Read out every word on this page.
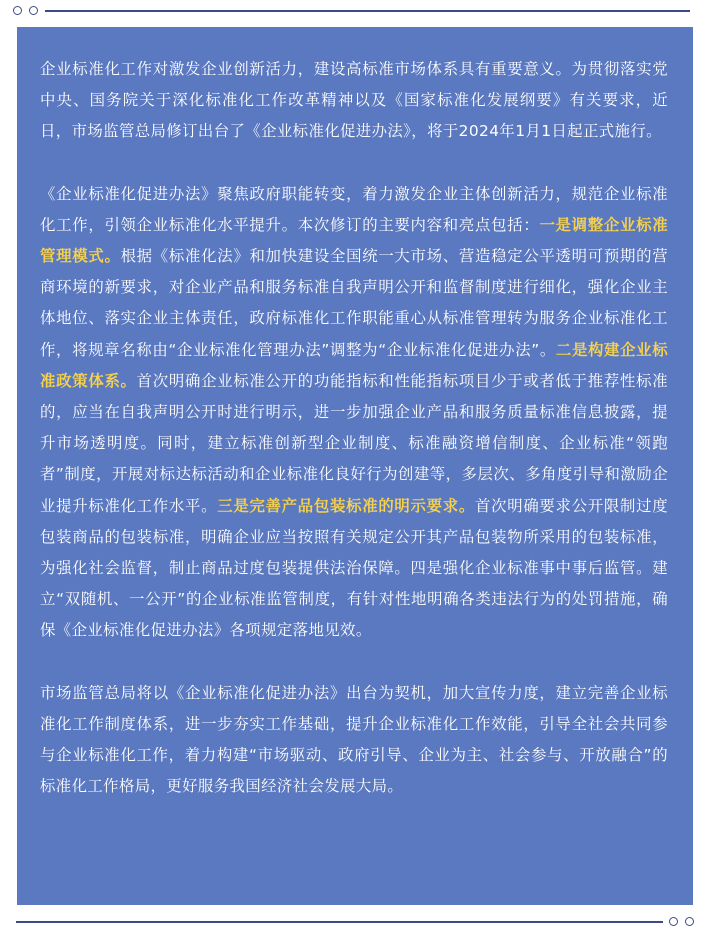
企业标准化工作对激发企业创新活力，建设高标准市场体系具有重要意义。为贯彻落实党中央、国务院关于深化标准化工作改革精神以及《国家标准化发展纲要》有关要求，近日，市场监管总局修订出台了《企业标准化促进办法》，将于2024年1月1日起正式施行。

《企业标准化促进办法》聚焦政府职能转变，着力激发企业主体创新活力，规范企业标准化工作，引领企业标准化水平提升。本次修订的主要内容和亮点包括：一是调整企业标准管理模式。根据《标准化法》和加快建设全国统一大市场、营造稳定公平透明可预期的营商环境的新要求，对企业产品和服务标准自我声明公开和监督制度进行细化，强化企业主体地位、落实企业主体责任，政府标准化工作职能重心从标准管理转为服务企业标准化工作，将规章名称由“企业标准化管理办法”调整为“企业标准化促进办法”。二是构建企业标准政策体系。首次明确企业标准公开的功能指标和性能指标项目少于或者低于推荐性标准的，应当在自我声明公开时进行明示，进一步加强企业产品和服务质量标准信息披露，提升市场透明度。同时，建立标准创新型企业制度、标准融资增信制度、企业标准“领跑者”制度，开展对标达标活动和企业标准化良好行为创建等，多层次、多角度引导和激励企业提升标准化工作水平。三是完善产品包装标准的明示要求。首次明确要求公开限制过度包装商品的包装标准，明确企业应当按照有关规定公开其产品包装物所采用的包装标准，为强化社会监督，制止商品过度包装提供法治保障。四是强化企业标准事中事后监管。建立“双随机、一公开”的企业标准监管制度，有针对性地明确各类违法行为的处罚措施，确保《企业标准化促进办法》各项规定落地见效。

市场监管总局将以《企业标准化促进办法》出台为契机，加大宣传力度，建立完善企业标准化工作制度体系，进一步夯实工作基础，提升企业标准化工作效能，引导全社会共同参与企业标准化工作，着力构建“市场驱动、政府引导、企业为主、社会参与、开放融合”的标准化工作格局，更好服务我国经济社会发展大局。
